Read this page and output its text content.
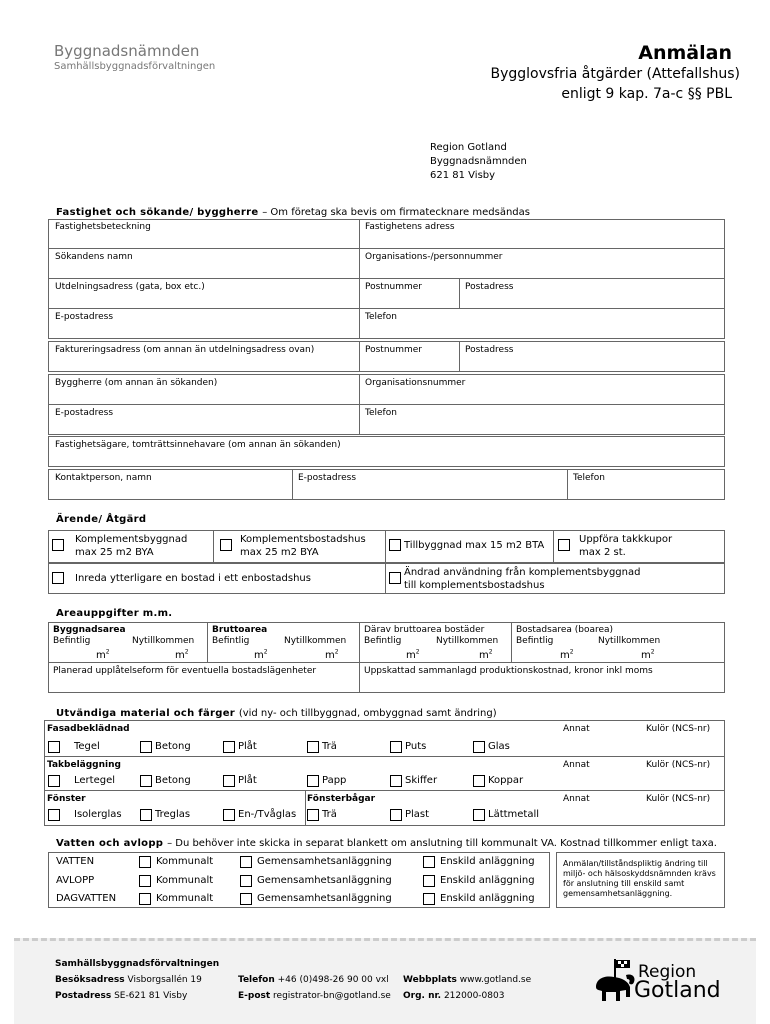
Byggnadsnämnden
Samhällsbyggnadsförvaltningen
Anmälan
Bygglovsfria åtgärder (Attefallshus)
enligt 9 kap. 7a-c §§ PBL
Region Gotland
Byggnadsnämnden
621 81 Visby
Fastighet och sökande/ byggherre – Om företag ska bevis om firmatecknare medsändas
Fastighetsbeteckning	Fastighetens adress
Sökandens namn	Organisations-/personnummer
Utdelningsadress (gata, box etc.)	Postnummer	Postadress
E-postadress	Telefon
Faktureringsadress (om annan än utdelningsadress ovan)	Postnummer	Postadress
Byggherre (om annan än sökanden)	Organisationsnummer
E-postadress	Telefon
Fastighetsägare, tomträttsinnehavare (om annan än sökanden)
Kontaktperson, namn	E-postadress	Telefon
Ärende/ Åtgärd
Komplementsbyggnad
max 25 m2 BYA
Komplementsbostadshus
max 25 m2 BYA
Tillbyggnad max 15 m2 BTA
Uppföra takkkupor
max 2 st.
Inreda ytterligare en bostad i ett enbostadshus
Ändrad användning från komplementsbyggnad
till komplementsbostadshus
Areauppgifter m.m.
Byggnadsarea	Bruttoarea	Därav bruttoarea bostäder	Bostadsarea (boarea)
Befintlig	Nytillkommen Befintlig	Nytillkommen Befintlig	Nytillkommen Befintlig	Nytillkommen
$m^2$	$m^2$	$m^2$	$m^2$	$m^2$	$m^2$	$m^2$	$m^2$
Planerad upplåtelseform för eventuella bostadslägenheter	Uppskattad sammanlagd produktionskostnad, kronor inkl moms
Utvändiga material och färger (vid ny- och tillbyggnad, ombyggnad samt ändring)
Fasadbeklädnad	Annat	Kulör (NCS-nr)
Tegel	Betong	Plåt	Trä	Puts	Glas
Takbeläggning	Annat	Kulör (NCS-nr)
Lertegel	Betong	Plåt	Papp	Skiffer	Koppar
Fönster	Fönsterbågar	Annat	Kulör (NCS-nr)
Isolerglas	Treglas	En-/Tvåglas	Trä	Plast	Lättmetall
Vatten och avlopp – Du behöver inte skicka in separat blankett om anslutning till kommunalt VA. Kostnad tillkommer enligt taxa.
VATTEN	Kommunalt	Gemensamhetsanläggning	Enskild anläggning
AVLOPP	Kommunalt	Gemensamhetsanläggning	Enskild anläggning
DAGVATTEN	Kommunalt	Gemensamhetsanläggning	Enskild anläggning
Anmälan/tillståndspliktig ändring till miljö- och hälsoskyddsnämnden krävs för anslutning till enskild samt gemensamhetsanläggning.
Samhällsbyggnadsförvaltningen
Besöksadress Visborgsallén 19
Postadress SE-621 81 Visby
Telefon +46 (0)498-26 90 00 vxl
E-post registrator-bn@gotland.se
Webbplats www.gotland.se
Org. nr. 212000-0803
Region
Gotland
